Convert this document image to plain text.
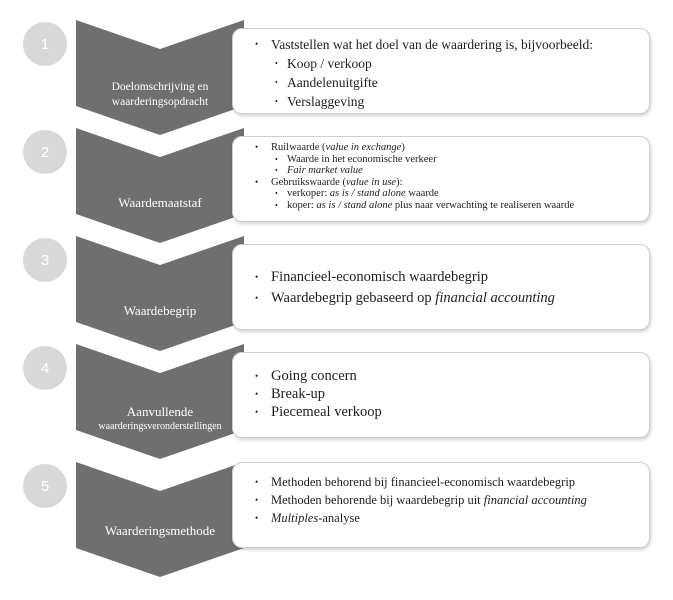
1
Doelomschrijving en
waarderingsopdracht
• Vaststellen wat het doel van de waardering is, bijvoorbeeld:
• Koop / verkoop
• Aandelenuitgifte
• Verslaggeving
2
Waardemaatstaf
• Ruilwaarde (value in exchange)
• Waarde in het economische verkeer
• Fair market value
• Gebruikswaarde (value in use):
• verkoper: as is / stand alone waarde
• koper: as is / stand alone plus naar verwachting te realiseren waarde
3
Waardebegrip
• Financieel-economisch waardebegrip
• Waardebegrip gebaseerd op financial accounting
4
Aanvullende
waarderingsveronderstellingen
• Going concern
• Break-up
• Piecemeal verkoop
5
Waarderingsmethode
• Methoden behorend bij financieel-economisch waardebegrip
• Methoden behorende bij waardebegrip uit financial accounting
• Multiples-analyse
